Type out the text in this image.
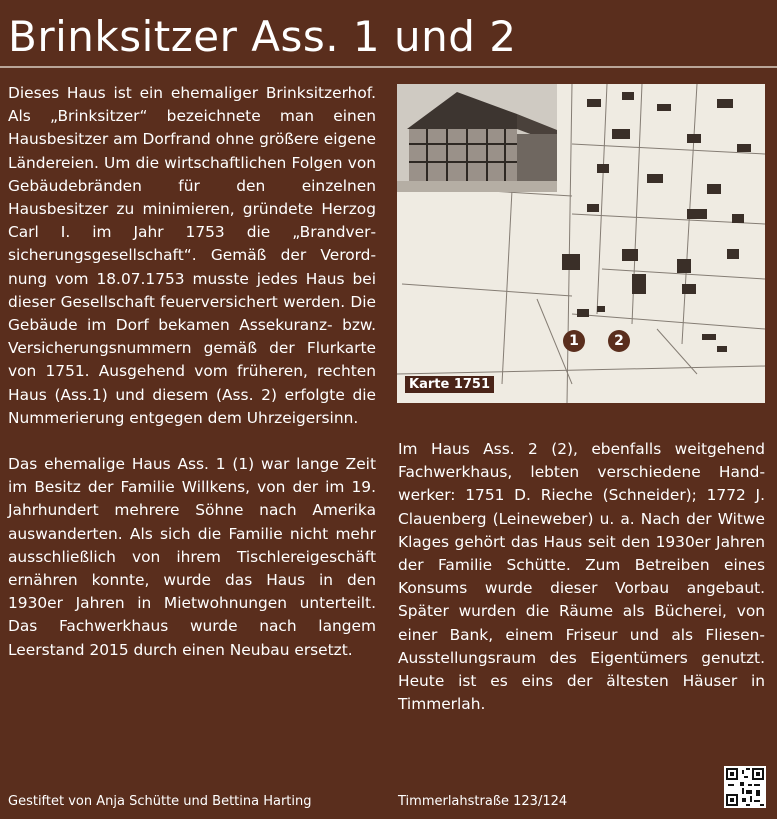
Brinksitzer Ass. 1 und 2

Dieses Haus ist ein ehemaliger Brinksitzerhof. Als „Brinksitzer“ bezeichnete man einen Hausbesitzer am Dorfrand ohne größere eigene Ländereien. Um die wirtschaftlichen Folgen von Gebäudebränden für den einzelnen Hausbesitzer zu minimieren, gründete Herzog Carl I. im Jahr 1753 die „Brandversicherungsgesellschaft“. Gemäß der Verordnung vom 18.07.1753 musste jedes Haus bei dieser Gesellschaft feuerversichert werden. Die Gebäude im Dorf bekamen Assekuranz- bzw. Versicherungsnummern gemäß der Flurkarte von 1751. Ausgehend vom früheren, rechten Haus (Ass.1) und diesem (Ass. 2) erfolgte die Nummerierung entgegen dem Uhrzeigersinn.

Das ehemalige Haus Ass. 1 (1) war lange Zeit im Besitz der Familie Willkens, von der im 19. Jahrhundert mehrere Söhne nach Amerika auswanderten. Als sich die Familie nicht mehr ausschließlich von ihrem Tischlereigeschäft ernähren konnte, wurde das Haus in den 1930er Jahren in Mietwohnungen unterteilt. Das Fachwerkhaus wurde nach langem Leerstand 2015 durch einen Neubau ersetzt.

Karte 1751
1	2

Im Haus Ass. 2 (2), ebenfalls weitgehend Fachwerkhaus, lebten verschiedene Handwerker: 1751 D. Rieche (Schneider); 1772 J. Clauenberg (Leineweber) u. a. Nach der Witwe Klages gehört das Haus seit den 1930er Jahren der Familie Schütte. Zum Betreiben eines Konsums wurde dieser Vorbau angebaut. Später wurden die Räume als Bücherei, von einer Bank, einem Friseur und als Fliesen-Ausstellungsraum des Eigentümers genutzt. Heute ist es eins der ältesten Häuser in Timmerlah.

Gestiftet von Anja Schütte und Bettina Harting	Timmerlahstraße 123/124
